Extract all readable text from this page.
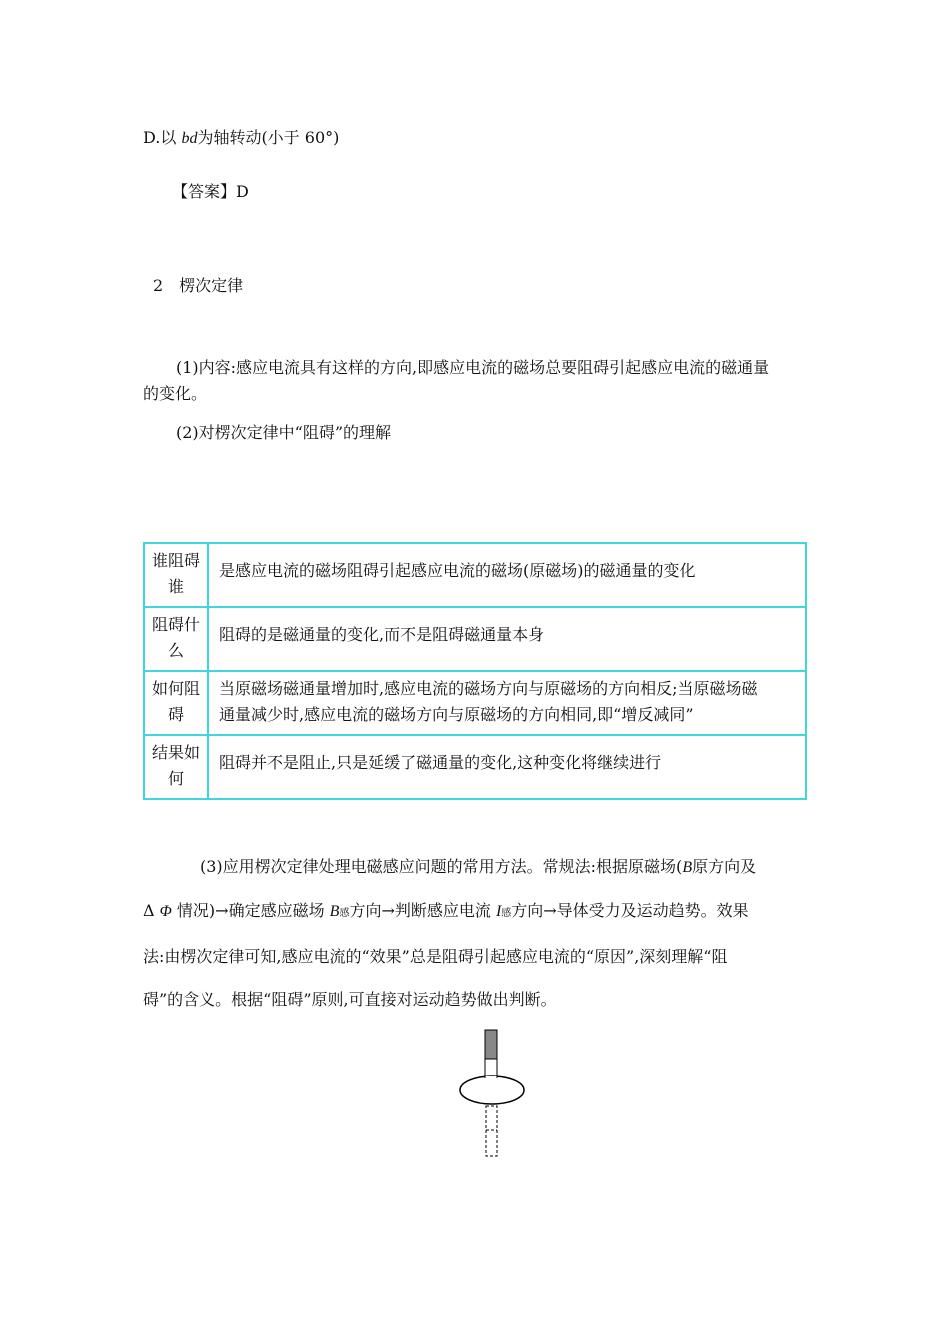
D.以 bd为轴转动(小于 60°)
【答案】D
2　楞次定律
(1)内容:感应电流具有这样的方向,即感应电流的磁场总要阻碍引起感应电流的磁通量
的变化。
(2)对楞次定律中“阻碍”的理解
谁阻碍
谁	是感应电流的磁场阻碍引起感应电流的磁场(原磁场)的磁通量的变化
阻碍什
么	阻碍的是磁通量的变化,而不是阻碍磁通量本身
如何阻
碍	当原磁场磁通量增加时,感应电流的磁场方向与原磁场的方向相反;当原磁场磁
通量减少时,感应电流的磁场方向与原磁场的方向相同,即“增反减同”
结果如
何	阻碍并不是阻止,只是延缓了磁通量的变化,这种变化将继续进行
(3)应用楞次定律处理电磁感应问题的常用方法。常规法:根据原磁场(B原方向及
Δ Φ 情况)→确定感应磁场 B感方向→判断感应电流 I感方向→导体受力及运动趋势。效果
法:由楞次定律可知,感应电流的“效果”总是阻碍引起感应电流的“原因”,深刻理解“阻
碍”的含义。根据“阻碍”原则,可直接对运动趋势做出判断。
